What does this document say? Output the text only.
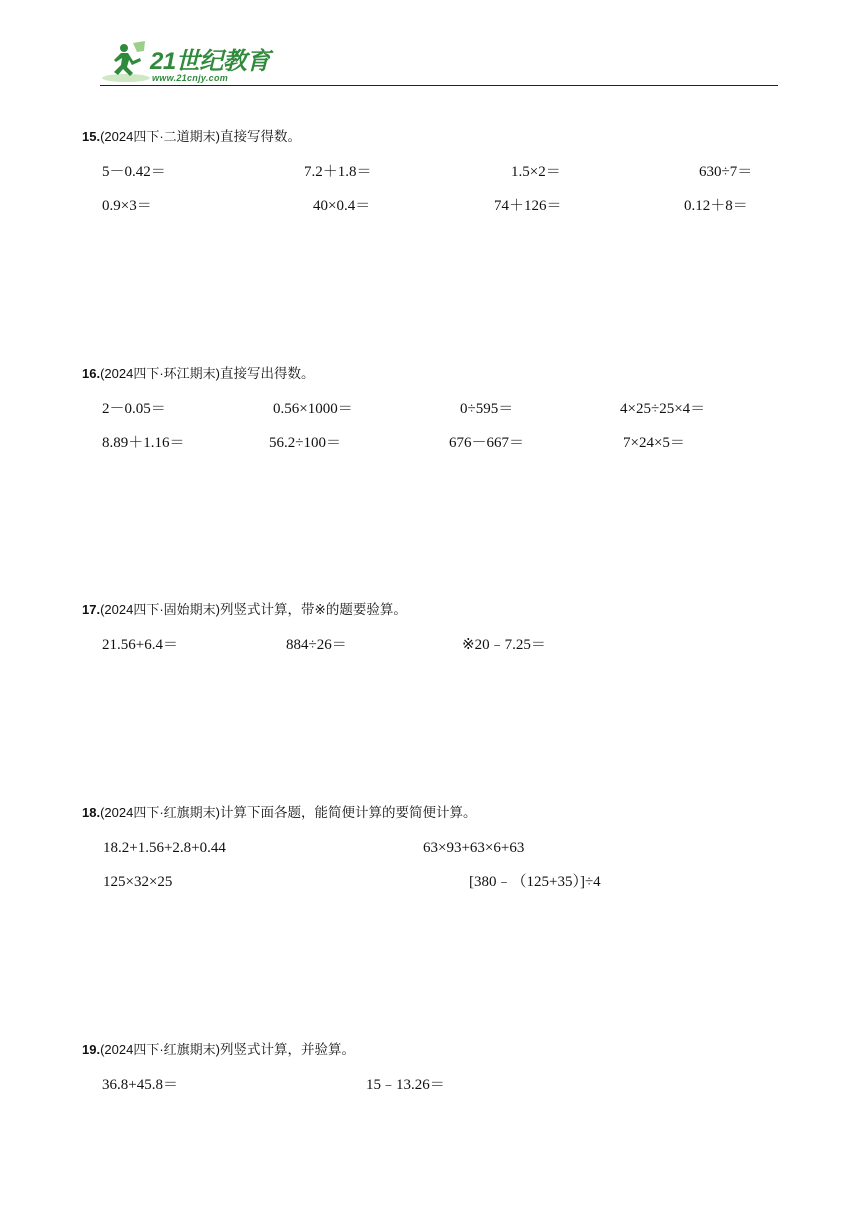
21世纪教育
www.21cnjy.com
15.(2024四下·二道期末)直接写得数。
5－0.42＝	7.2＋1.8＝	1.5×2＝	630÷7＝
0.9×3＝	40×0.4＝	74＋126＝	0.12＋8＝
16.(2024四下·环江期末)直接写出得数。
2－0.05＝	0.56×1000＝	0÷595＝	4×25÷25×4＝
8.89＋1.16＝	56.2÷100＝	676－667＝	7×24×5＝
17.(2024四下·固始期末)列竖式计算，带※的题要验算。
21.56+6.4＝	884÷26＝	※20﹣7.25＝
18.(2024四下·红旗期末)计算下面各题，能简便计算的要简便计算。
18.2+1.56+2.8+0.44	63×93+63×6+63
125×32×25	[380﹣（125+35）]÷4
19.(2024四下·红旗期末)列竖式计算，并验算。
36.8+45.8＝	15﹣13.26＝
